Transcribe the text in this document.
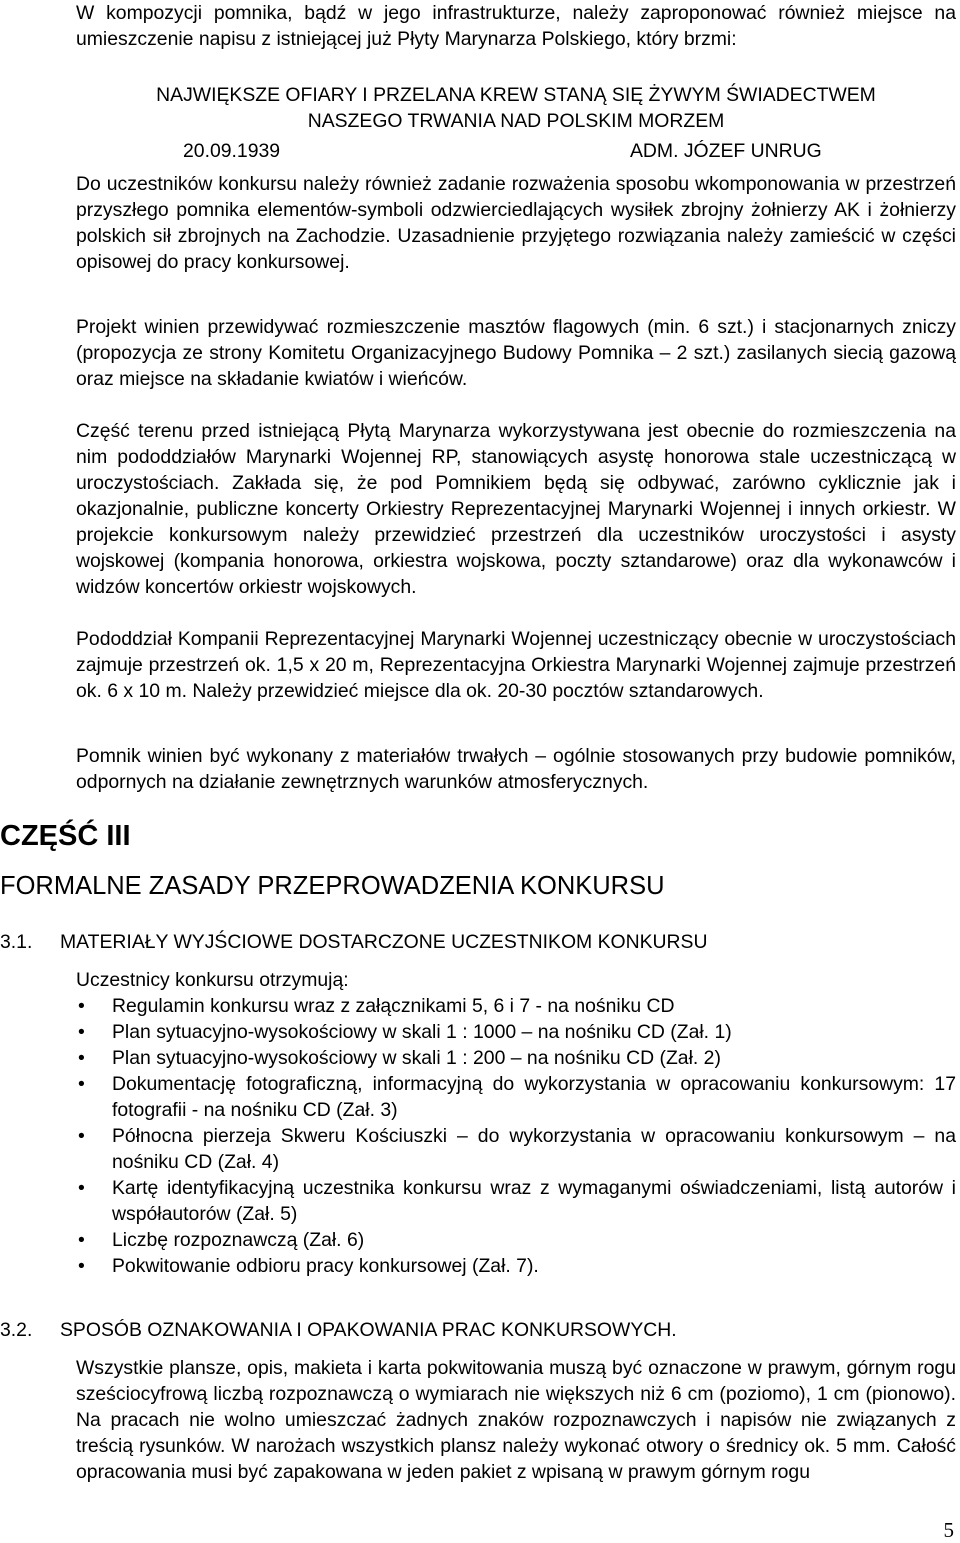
W kompozycji pomnika, bądź w jego infrastrukturze, należy zaproponować również miejsce na umieszczenie napisu z istniejącej już Płyty Marynarza Polskiego, który brzmi:

NAJWIĘKSZE OFIARY I PRZELANA KREW STANĄ SIĘ ŻYWYM ŚWIADECTWEM

NASZEGO TRWANIA NAD POLSKIM MORZEM

20.09.1939	ADM. JÓZEF UNRUG

Do uczestników konkursu należy również zadanie rozważenia sposobu wkomponowania w przestrzeń przyszłego pomnika elementów-symboli odzwierciedlających wysiłek zbrojny żołnierzy AK i żołnierzy polskich sił zbrojnych na Zachodzie. Uzasadnienie przyjętego rozwiązania należy zamieścić w części opisowej do pracy konkursowej.

Projekt winien przewidywać rozmieszczenie masztów flagowych (min. 6 szt.) i stacjonarnych zniczy (propozycja ze strony Komitetu Organizacyjnego Budowy Pomnika – 2 szt.) zasilanych siecią gazową oraz miejsce na składanie kwiatów i wieńców.

Część terenu przed istniejącą Płytą Marynarza wykorzystywana jest obecnie do rozmieszczenia na nim pododdziałów Marynarki Wojennej RP, stanowiących asystę honorowa stale uczestniczącą w uroczystościach. Zakłada się, że pod Pomnikiem będą się odbywać, zarówno cyklicznie jak i okazjonalnie, publiczne koncerty Orkiestry Reprezentacyjnej Marynarki Wojennej i innych orkiestr. W projekcie konkursowym należy przewidzieć przestrzeń dla uczestników uroczystości i asysty wojskowej (kompania honorowa, orkiestra wojskowa, poczty sztandarowe) oraz dla wykonawców i widzów koncertów orkiestr wojskowych.

Pododdział Kompanii Reprezentacyjnej Marynarki Wojennej uczestniczący obecnie w uroczystościach zajmuje przestrzeń ok. 1,5 x 20 m, Reprezentacyjna Orkiestra Marynarki Wojennej zajmuje przestrzeń ok. 6 x 10 m. Należy przewidzieć miejsce dla ok. 20-30 pocztów sztandarowych.

Pomnik winien być wykonany z materiałów trwałych – ogólnie stosowanych przy budowie pomników, odpornych na działanie zewnętrznych warunków atmosferycznych.

CZĘŚĆ III
FORMALNE ZASADY PRZEPROWADZENIA KONKURSU
3.1. MATERIAŁY WYJŚCIOWE DOSTARCZONE UCZESTNIKOM KONKURSU

Uczestnicy konkursu otrzymują:

• Regulamin konkursu wraz z załącznikami 5, 6 i 7 - na nośniku CD
• Plan sytuacyjno-wysokościowy w skali 1 : 1000 – na nośniku CD (Zał. 1)
• Plan sytuacyjno-wysokościowy w skali 1 : 200 – na nośniku CD (Zał. 2)
• Dokumentację fotograficzną, informacyjną do wykorzystania w opracowaniu konkursowym: 17 fotografii - na nośniku CD (Zał. 3)
• Północna pierzeja Skweru Kościuszki – do wykorzystania w opracowaniu konkursowym – na nośniku CD (Zał. 4)
• Kartę identyfikacyjną uczestnika konkursu wraz z wymaganymi oświadczeniami, listą autorów i współautorów (Zał. 5)
• Liczbę rozpoznawczą (Zał. 6)
• Pokwitowanie odbioru pracy konkursowej (Zał. 7).
3.2. SPOSÓB OZNAKOWANIA I OPAKOWANIA PRAC KONKURSOWYCH.

Wszystkie plansze, opis, makieta i karta pokwitowania muszą być oznaczone w prawym, górnym rogu sześciocyfrową liczbą rozpoznawczą o wymiarach nie większych niż 6 cm (poziomo), 1 cm (pionowo). Na pracach nie wolno umieszczać żadnych znaków rozpoznawczych i napisów nie związanych z treścią rysunków. W narożach wszystkich plansz należy wykonać otwory o średnicy ok. 5 mm. Całość opracowania musi być zapakowana w jeden pakiet z wpisaną w prawym górnym rogu

5
